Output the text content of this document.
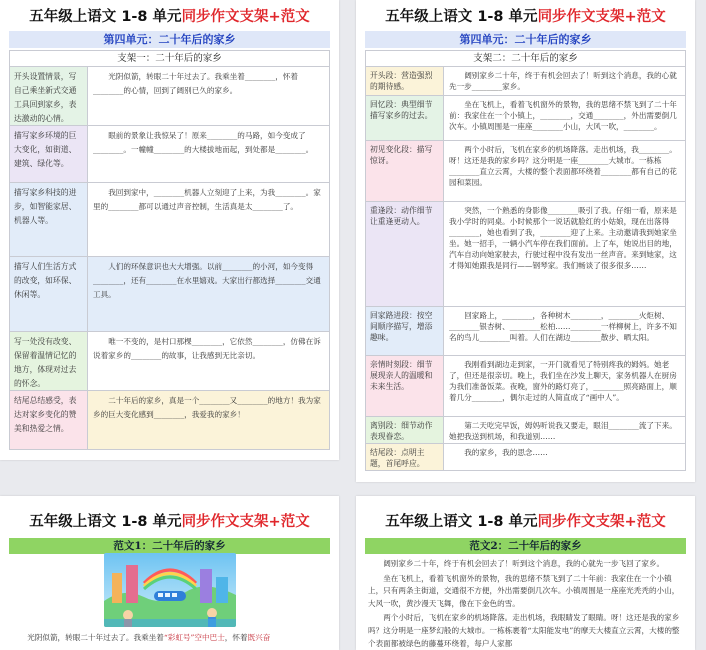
五年级上语文 1-8 单元同步作文支架+范文
第四单元：二十年后的家乡
支架一：二十年后的家乡
开头设置情景，写自己乘坐新式交通工具回到家乡，表达激动的心情。
光阴似箭，转眼二十年过去了。我乘坐着________，怀着________的心情，回到了阔别已久的家乡。
描写家乡环境的巨大变化，如街道、建筑、绿化等。
眼前的景象让我惊呆了！原来________的马路，如今变成了________。一幢幢________的大楼拔地而起，到处都是________。
描写家乡科技的进步，如智能家居、机器人等。
我回到家中，________机器人立刻迎了上来，为我________。家里的________都可以通过声音控制，生活真是太________了。
描写人们生活方式的改变，如环保、休闲等。
人们的环保意识也大大增强。以前________的小河，如今变得________，还有________在水里嬉戏。大家出行都选择________交通工具。
写一处没有改变、保留着温情记忆的地方，体现对过去的怀念。
唯一不变的，是村口那棵________，它依然________，仿佛在诉说着家乡的________的故事，让我感到无比亲切。
结尾总结感受，表达对家乡变化的赞美和热爱之情。
二十年后的家乡，真是一个________又________的地方！我为家乡的巨大变化感到________，我爱我的家乡！
五年级上语文 1-8 单元同步作文支架+范文
第四单元：二十年后的家乡
支架二：二十年后的家乡
开头段：营造强烈的期待感。
阔别家乡二十年，终于有机会回去了！听到这个消息，我的心就先一步________家乡。
回忆段：典型细节描写家乡的过去。
坐在飞机上，看着飞机窗外的景物，我的思绪不禁飞到了二十年前：我家住在一个小镇上，________，交通________，外出需要倒几次车。小镇周围是一座座________小山，大风一吹，________。
初见变化段：描写惊讶。
两个小时后，飞机在家乡的机场降落。走出机场，我________。呀！这还是我的家乡吗？这分明是一座________大城市。一栋栋________直立云霄，大楼的整个表面都环绕着________都有自己的花园和菜园。
重逢段：动作细节让重逢更动人。
突然，一个熟悉的身影像________吸引了我。仔细一看，原来是我小学时的同桌。小时候那个一说话就脸红的小姑娘，现在出落得________，她也看到了我，________迎了上来。主动邀请我到她家坐坐。她一招手，一辆小汽车停在我们面前。上了车，她说出目的地，汽车自动向她家驶去，行驶过程中没有发出一丝声音。来到她家，这才得知她跟我是同行——钢琴家。我们畅谈了很多很多……
回家路进段：按空间顺序描写，增添趣味。
回家路上，________，各种树木________，________火炬树、________银杏树、________松柏……________一样柳树上，许多不知名的鸟儿________叫着。人们在湖边________散步、晒太阳。
亲情时刻段：细节展现亲人的温暖和未来生活。
我刚看到湖边走到家，一开门就看见了特别疼我的姆妈。她老了，但还是很亲切。晚上，我们坐在沙发上聊天，家务机器人在厨房为我们准备饭菜。夜晚，窗外的路灯亮了，________照亮路面上，顺着几分________，偶尔走过的人简直成了“画中人”。
离别段：细节动作表现眷恋。
第二天吃完早饭，姆妈听说我又要走，眼泪________流了下来。她把我送到机场，和我道别……
结尾段：点明主题，首尾呼应。
我的家乡，我的思念……
五年级上语文 1-8 单元同步作文支架+范文
范文1：二十年后的家乡
光阴似箭，转眼二十年过去了。我乘坐着“彩虹号”空中巴士，怀着既兴奋
五年级上语文 1-8 单元同步作文支架+范文
范文2：二十年后的家乡
阔别家乡二十年，终于有机会回去了！听到这个消息，我的心就先一步飞回了家乡。
坐在飞机上，看着飞机窗外的景物，我的思绪不禁飞到了二十年前：我家住在一个小镇上，只有两条主街道，交通很不方便，外出需要倒几次车。小镇周围是一座座光秃秃的小山，大风一吹，黄沙漫天飞舞，像在下金色的雪。
两个小时后，飞机在家乡的机场降落。走出机场，我眼睛发了眼睛。呀！这还是我的家乡吗？这分明是一座梦幻般的大城市。一栋栋裹着“太阳能发电”的摩天大楼直立云霄，大楼的整个表面都被绿色的藤蔓环绕着，每户人家都
